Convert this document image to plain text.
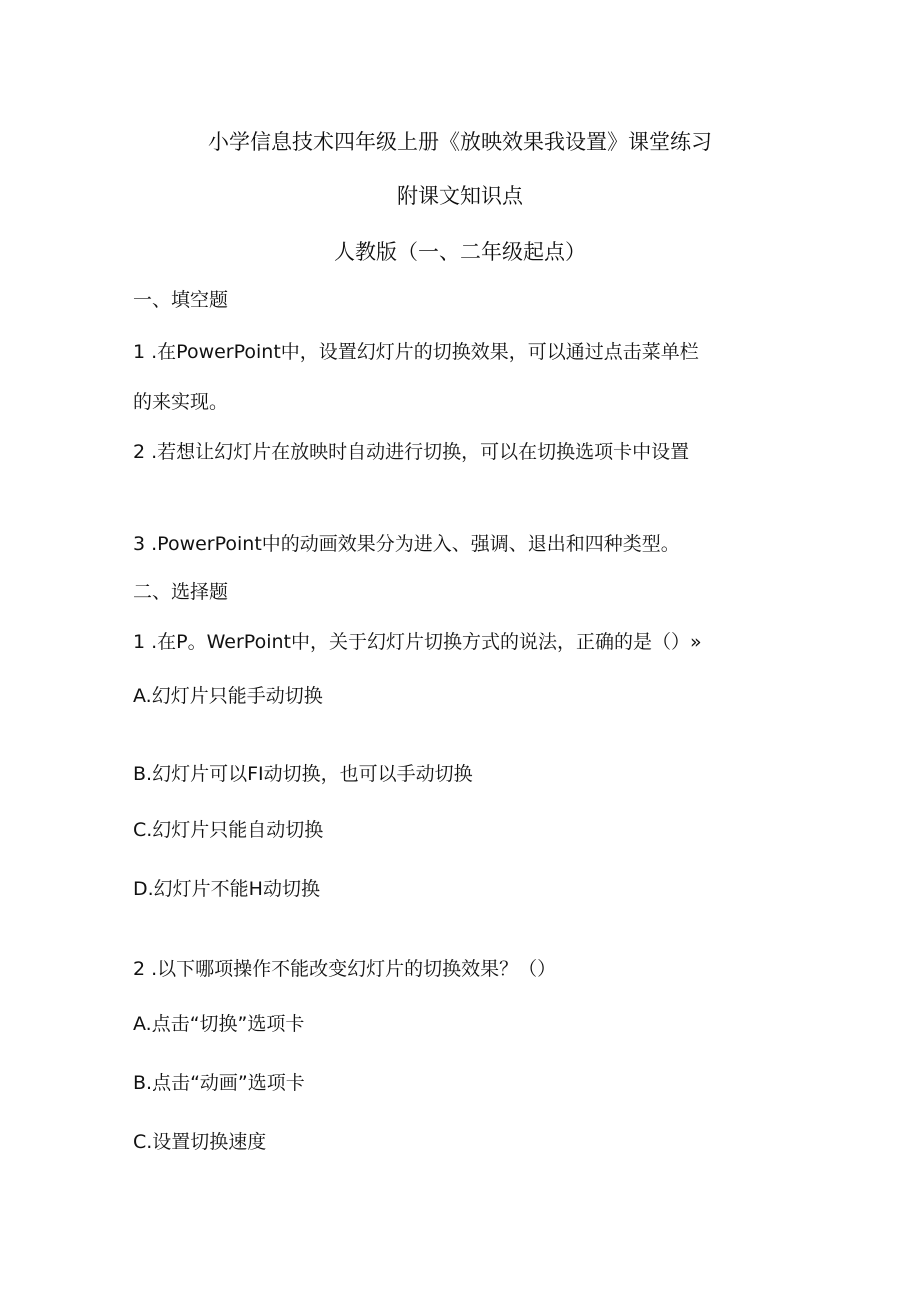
小学信息技术四年级上册《放映效果我设置》课堂练习
附课文知识点
人教版（一、二年级起点）
一、填空题
1 .在PowerPoint中，设置幻灯片的切换效果，可以通过点击菜单栏
的来实现。
2 .若想让幻灯片在放映时自动进行切换，可以在切换选项卡中设置
3 .PowerPoint中的动画效果分为进入、强调、退出和四种类型。
二、选择题
1 .在P。WerPoint中，关于幻灯片切换方式的说法，正确的是（）»
A.幻灯片只能手动切换
B.幻灯片可以FI动切换，也可以手动切换
C.幻灯片只能自动切换
D.幻灯片不能H动切换
2 .以下哪项操作不能改变幻灯片的切换效果？（）
A.点击“切换”选项卡
B.点击“动画”选项卡
C.设置切换速度
